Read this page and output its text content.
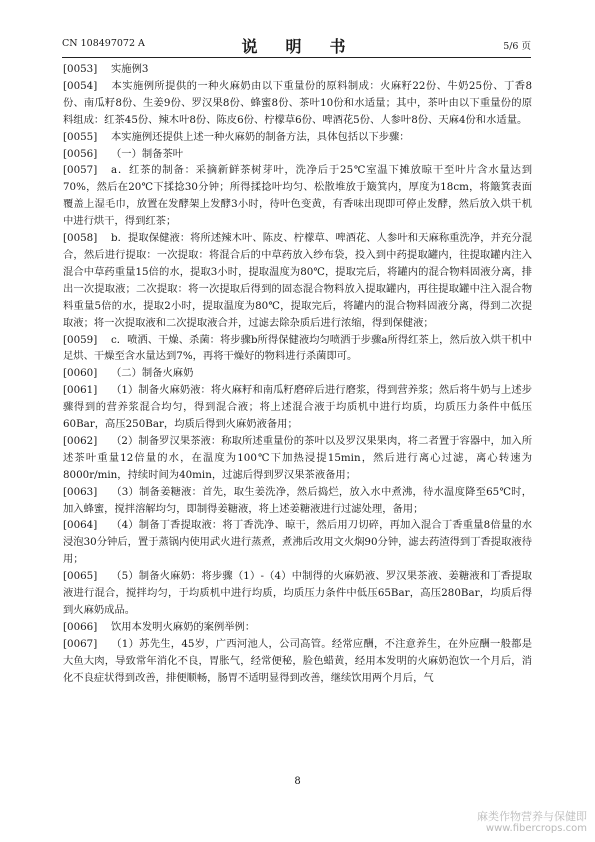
CN 108497072 A	说　明　书	5/6 页

[0053] 实施例3

[0054] 本实施例所提供的一种火麻奶由以下重量份的原料制成：火麻籽22份、牛奶25份、丁香8份、南瓜籽8份、生姜9份、罗汉果8份、蜂蜜8份、茶叶10份和水适量；其中，茶叶由以下重量份的原料组成：红茶45份、辣木叶8份、陈皮6份、柠檬草6份、啤酒花5份、人参叶8份、天麻4份和水适量。

[0055] 本实施例还提供上述一种火麻奶的制备方法，具体包括以下步骤：

[0056] （一）制备茶叶

[0057] a．红茶的制备：采摘新鲜茶树芽叶，洗净后于25℃室温下摊放晾干至叶片含水量达到70%，然后在20℃下揉捻30分钟；所得揉捻叶均匀、松散堆放于簸箕内，厚度为18cm，将簸箕表面覆盖上湿毛巾，放置在发酵架上发酵3小时，待叶色变黄，有香味出现即可停止发酵，然后放入烘干机中进行烘干，得到红茶；

[0058] b．提取保健液：将所述辣木叶、陈皮、柠檬草、啤酒花、人参叶和天麻称重洗净，并充分混合，然后进行提取：一次提取：将混合后的中草药放入纱布袋，投入到中药提取罐内，往提取罐内注入混合中草药重量15倍的水，提取3小时，提取温度为80℃，提取完后，将罐内的混合物料固液分离，排出一次提取液；二次提取：将一次提取后得到的固态混合物料放入提取罐内，再往提取罐中注入混合物料重量5倍的水，提取2小时，提取温度为80℃，提取完后，将罐内的混合物料固液分离，得到二次提取液；将一次提取液和二次提取液合并，过滤去除杂质后进行浓缩，得到保健液；

[0059] c．喷洒、干燥、杀菌：将步骤b所得保健液均匀喷洒于步骤a所得红茶上，然后放入烘干机中足烘、干燥至含水量达到7%，再将干燥好的物料进行杀菌即可。

[0060] （二）制备火麻奶

[0061] （1）制备火麻奶液：将火麻籽和南瓜籽磨碎后进行磨浆，得到营养浆；然后将牛奶与上述步骤得到的营养浆混合均匀，得到混合液；将上述混合液于均质机中进行均质，均质压力条件中低压60Bar，高压250Bar，均质后得到火麻奶液备用；

[0062] （2）制备罗汉果茶液：称取所述重量份的茶叶以及罗汉果果肉，将二者置于容器中，加入所述茶叶重量12倍量的水，在温度为100℃下加热浸提15min，然后进行离心过滤，离心转速为8000r/min，持续时间为40min，过滤后得到罗汉果茶液备用；

[0063] （3）制备姜糖液：首先，取生姜洗净，然后捣烂，放入水中煮沸，待水温度降至65℃时，加入蜂蜜，搅拌溶解均匀，即制得姜糖液，将上述姜糖液进行过滤处理，备用；

[0064] （4）制备丁香提取液：将丁香洗净、晾干，然后用刀切碎，再加入混合丁香重量8倍量的水浸泡30分钟后，置于蒸锅内使用武火进行蒸煮，煮沸后改用文火焖90分钟，滤去药渣得到丁香提取液待用；

[0065] （5）制备火麻奶：将步骤（1）-（4）中制得的火麻奶液、罗汉果茶液、姜糖液和丁香提取液进行混合，搅拌均匀，于均质机中进行均质，均质压力条件中低压65Bar，高压280Bar，均质后得到火麻奶成品。

[0066] 饮用本发明火麻奶的案例举例：

[0067] （1）苏先生，45岁，广西河池人，公司高管。经常应酬，不注意养生，在外应酬一般都是大鱼大肉，导致常年消化不良，胃胀气，经常便秘，脸色蜡黄，经用本发明的火麻奶泡饮一个月后，消化不良症状得到改善，排便顺畅，肠胃不适明显得到改善，继续饮用两个月后，气

8
麻类作物营养与保健即
www.fibercrops.com
